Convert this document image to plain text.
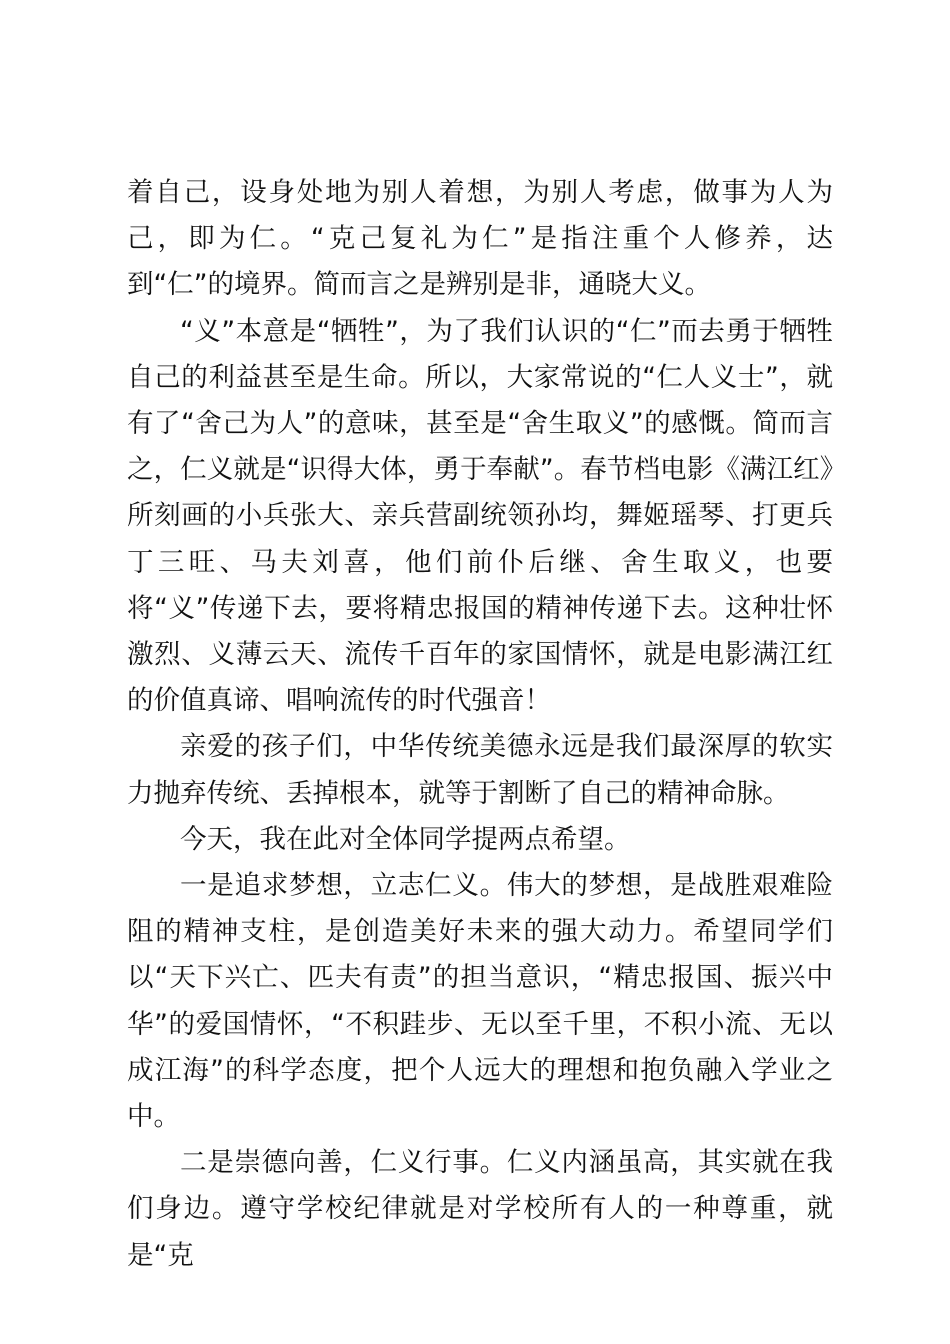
着自己，设身处地为别人着想，为别人考虑，做事为人为己，即为仁。“克己复礼为仁”是指注重个人修养，达到“仁”的境界。简而言之是辨别是非，通晓大义。

“义”本意是“牺牲”，为了我们认识的“仁”而去勇于牺牲自己的利益甚至是生命。所以，大家常说的“仁人义士”，就有了“舍己为人”的意味，甚至是“舍生取义”的感慨。简而言之，仁义就是“识得大体，勇于奉献”。春节档电影《满江红》所刻画的小兵张大、亲兵营副统领孙均，舞姬瑶琴、打更兵丁三旺、马夫刘喜，他们前仆后继、舍生取义，也要将“义”传递下去，要将精忠报国的精神传递下去。这种壮怀激烈、义薄云天、流传千百年的家国情怀，就是电影满江红的价值真谛、唱响流传的时代强音！

亲爱的孩子们，中华传统美德永远是我们最深厚的软实力抛弃传统、丢掉根本，就等于割断了自己的精神命脉。

今天，我在此对全体同学提两点希望。

一是追求梦想，立志仁义。伟大的梦想，是战胜艰难险阻的精神支柱，是创造美好未来的强大动力。希望同学们以“天下兴亡、匹夫有责”的担当意识，“精忠报国、振兴中华”的爱国情怀，“不积跬步、无以至千里，不积小流、无以成江海”的科学态度，把个人远大的理想和抱负融入学业之中。

二是崇德向善，仁义行事。仁义内涵虽高，其实就在我们身边。遵守学校纪律就是对学校所有人的一种尊重，就是“克
